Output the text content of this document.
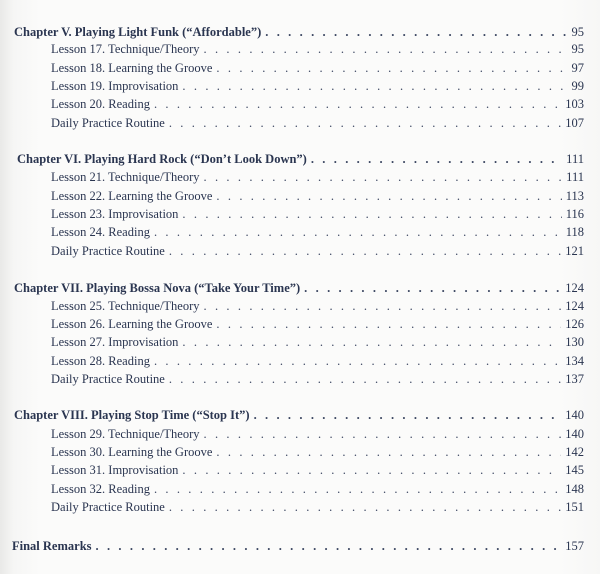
Chapter V. Playing Light Funk (“Affordable”) . . .	95
Lesson 17. Technique/Theory . . .	95
Lesson 18. Learning the Groove . . .	97
Lesson 19. Improvisation . . .	99
Lesson 20. Reading . . .	103
Daily Practice Routine . . .	107
Chapter VI. Playing Hard Rock (“Don’t Look Down”) . . .	111
Lesson 21. Technique/Theory . . .	111
Lesson 22. Learning the Groove . . .	113
Lesson 23. Improvisation . . .	116
Lesson 24. Reading . . .	118
Daily Practice Routine . . .	121
Chapter VII. Playing Bossa Nova (“Take Your Time”) . . .	124
Lesson 25. Technique/Theory . . .	124
Lesson 26. Learning the Groove . . .	126
Lesson 27. Improvisation . . .	130
Lesson 28. Reading . . .	134
Daily Practice Routine . . .	137
Chapter VIII. Playing Stop Time (“Stop It”) . . .	140
Lesson 29. Technique/Theory . . .	140
Lesson 30. Learning the Groove . . .	142
Lesson 31. Improvisation . . .	145
Lesson 32. Reading . . .	148
Daily Practice Routine . . .	151
Final Remarks . . .	157
